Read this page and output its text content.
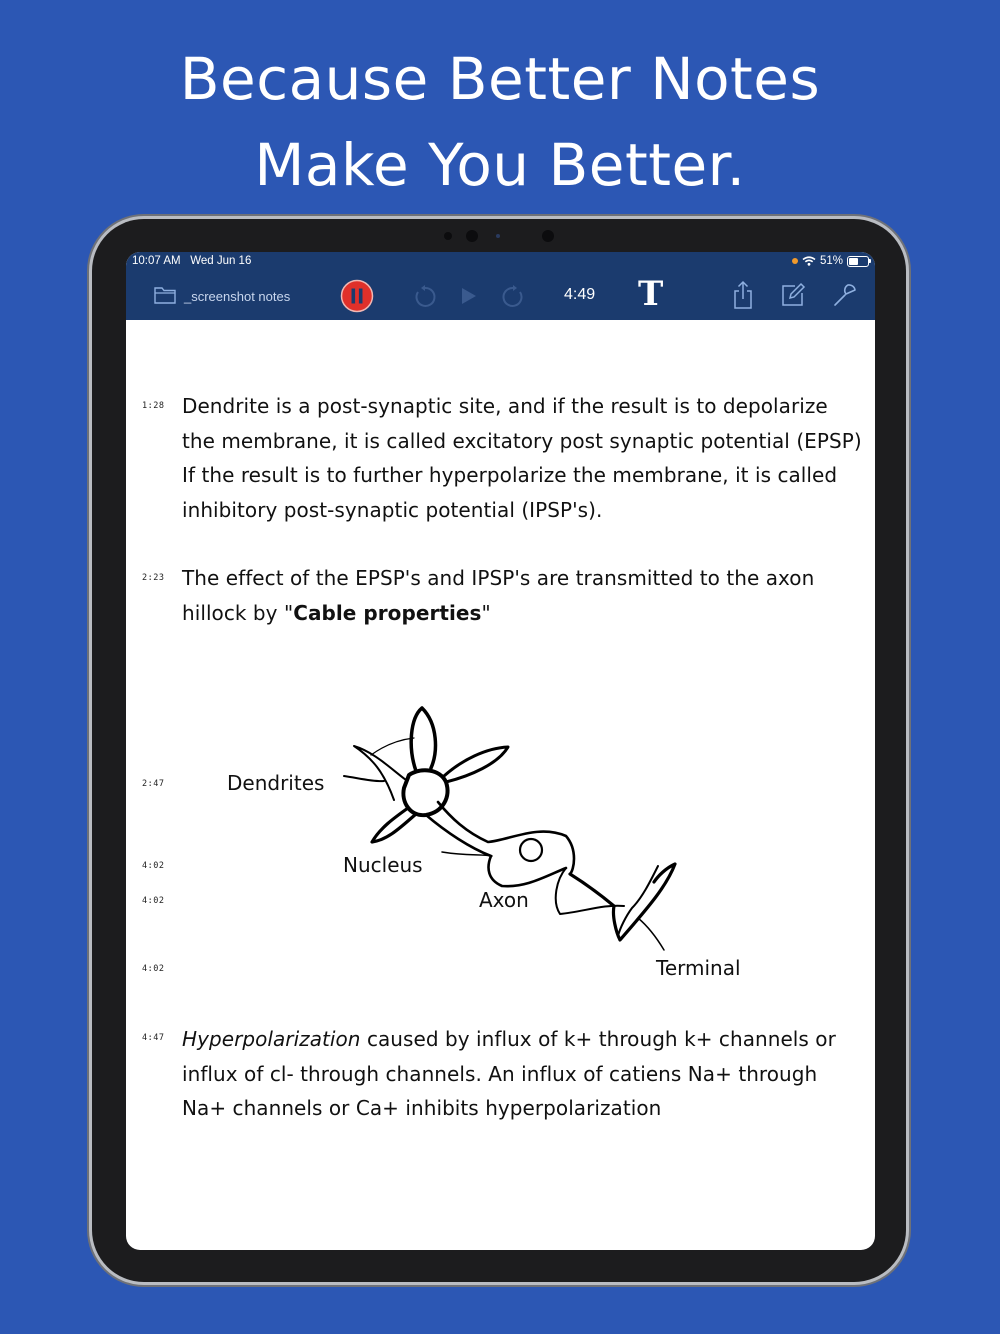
Because Better Notes
Make You Better.
10:07 AM Wed Jun 16	51%
_screenshot notes	4:49 T
1:28 Dendrite is a post-synaptic site, and if the result is to depolarize
the membrane, it is called excitatory post synaptic potential (EPSP)
If the result is to further hyperpolarize the membrane, it is called
inhibitory post-synaptic potential (IPSP's).
2:23 The effect of the EPSP's and IPSP's are transmitted to the axon
hillock by "Cable properties"
2:47
4:02
4:02
4:02
Dendrites
Nucleus
Axon
Terminal
4:47 Hyperpolarization caused by influx of k+ through k+ channels or
influx of cl- through channels. An influx of catiens Na+ through
Na+ channels or Ca+ inhibits hyperpolarization
